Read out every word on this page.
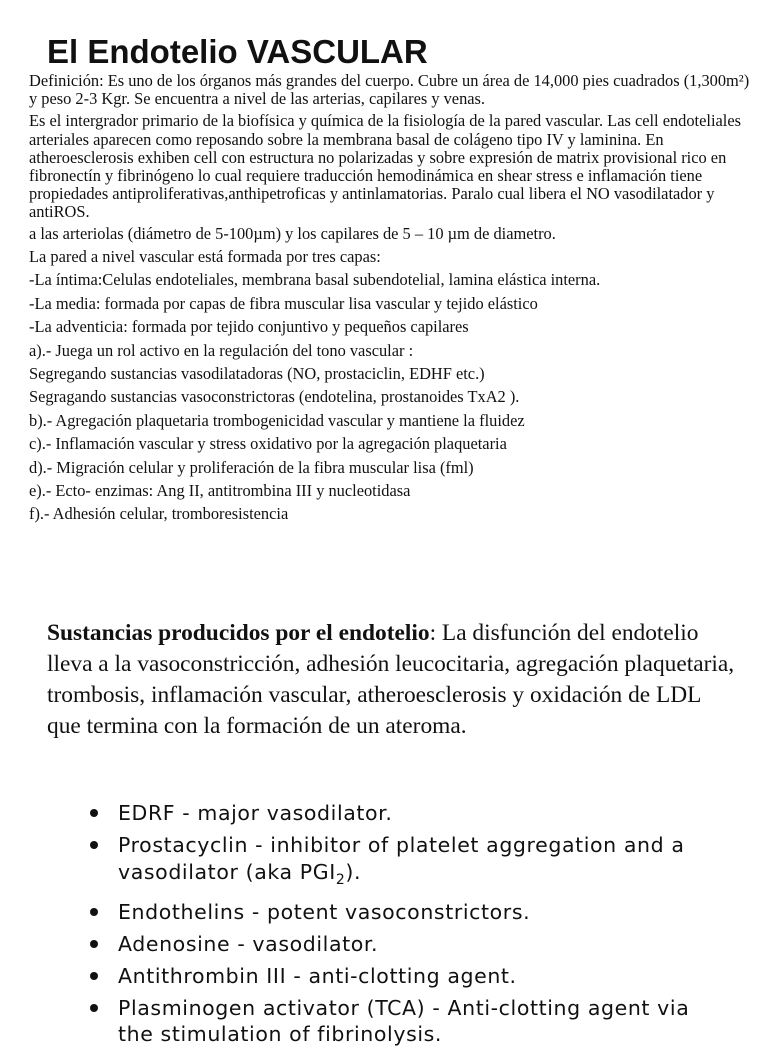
El Endotelio VASCULAR

Definición: Es uno de los órganos más grandes del cuerpo. Cubre un área de 14,000 pies cuadrados (1,300m²) y peso 2-3 Kgr. Se encuentra a nivel de las arterias, capilares y venas.

Es el intergrador primario de la biofísica y química de la fisiología de la pared vascular. Las cell endoteliales arteriales aparecen como reposando sobre la membrana basal de colágeno tipo IV y laminina. En atheroesclerosis exhiben cell con estructura no polarizadas y sobre expresión de matrix provisional rico en fibronectín y fibrinógeno lo cual requiere traducción hemodinámica en shear stress e inflamación tiene propiedades antiproliferativas,anthipetroficas y antinlamatorias. Paralo cual libera el NO vasodilatador y antiROS.

a las arteriolas (diámetro de 5-100µm) y los capilares de 5 – 10 µm de diametro.

La pared a nivel vascular está formada por tres capas:

-La íntima:Celulas endoteliales, membrana basal subendotelial, lamina elástica interna.

-La media: formada por capas de fibra muscular lisa vascular y tejido elástico

-La adventicia: formada por tejido conjuntivo y pequeños capilares

a).- Juega un rol activo en la regulación del tono vascular :

Segregando sustancias vasodilatadoras (NO, prostaciclin, EDHF etc.)

Segragando sustancias vasoconstrictoras (endotelina, prostanoides TxA2 ).

b).- Agregación plaquetaria trombogenicidad vascular y mantiene la fluidez

c).- Inflamación vascular y stress oxidativo por la agregación plaquetaria

d).- Migración celular y proliferación de la fibra muscular lisa (fml)

e).- Ecto- enzimas: Ang II, antitrombina III y nucleotidasa

f).- Adhesión celular, tromboresistencia

Sustancias producidos por el endotelio: La disfunción del endotelio lleva a la vasoconstricción, adhesión leucocitaria, agregación plaquetaria, trombosis, inflamación vascular, atheroesclerosis y oxidación de LDL que termina con la formación de un ateroma.
EDRF - major vasodilator.
Prostacyclin - inhibitor of platelet aggregation and a vasodilator (aka $PGI_2$).
Endothelins - potent vasoconstrictors.
Adenosine - vasodilator.
Antithrombin III - anti-clotting agent.
Plasminogen activator (TCA) - Anti-clotting agent via the stimulation of fibrinolysis.
